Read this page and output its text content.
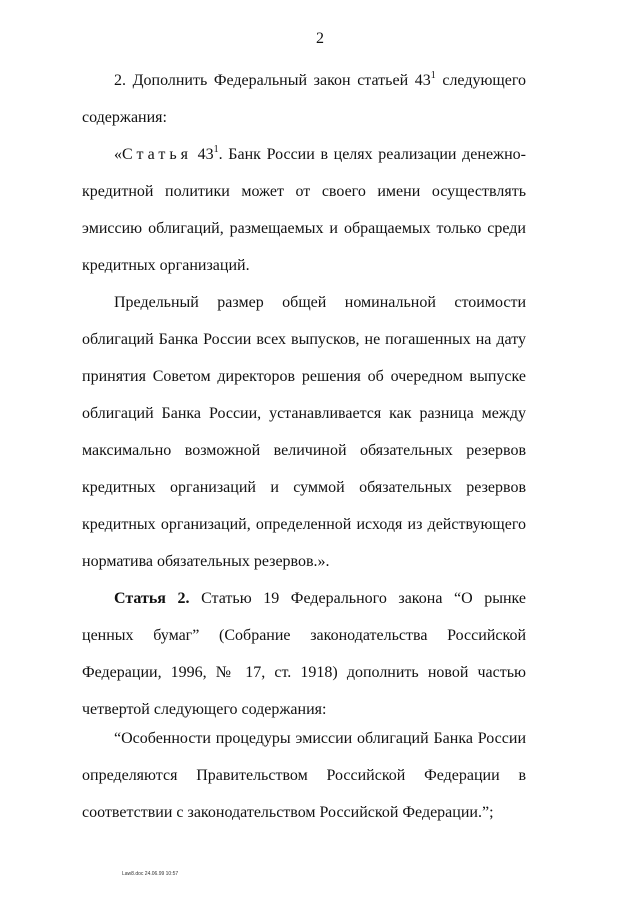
2
2. Дополнить Федеральный закон статьей $43^1$ следующего содержания:
«Статья $43^1$. Банк России в целях реализации денежно-кредитной политики может от своего имени осуществлять эмиссию облигаций, размещаемых и обращаемых только среди кредитных организаций.
Предельный размер общей номинальной стоимости облигаций Банка России всех выпусков, не погашенных на дату принятия Советом директоров решения об очередном выпуске облигаций Банка России, устанавливается как разница между максимально возможной величиной обязательных резервов кредитных организаций и суммой обязательных резервов кредитных организаций, определенной исходя из действующего норматива обязательных резервов.».
Статья 2. Статью 19 Федерального закона “О рынке ценных бумаг” (Собрание законодательства Российской Федерации, 1996, № 17, ст. 1918) дополнить новой частью четвертой следующего содержания:
“Особенности процедуры эмиссии облигаций Банка России определяются Правительством Российской Федерации в соответствии с законодательством Российской Федерации.”;
Law8.doc 24.06.99 10:57
